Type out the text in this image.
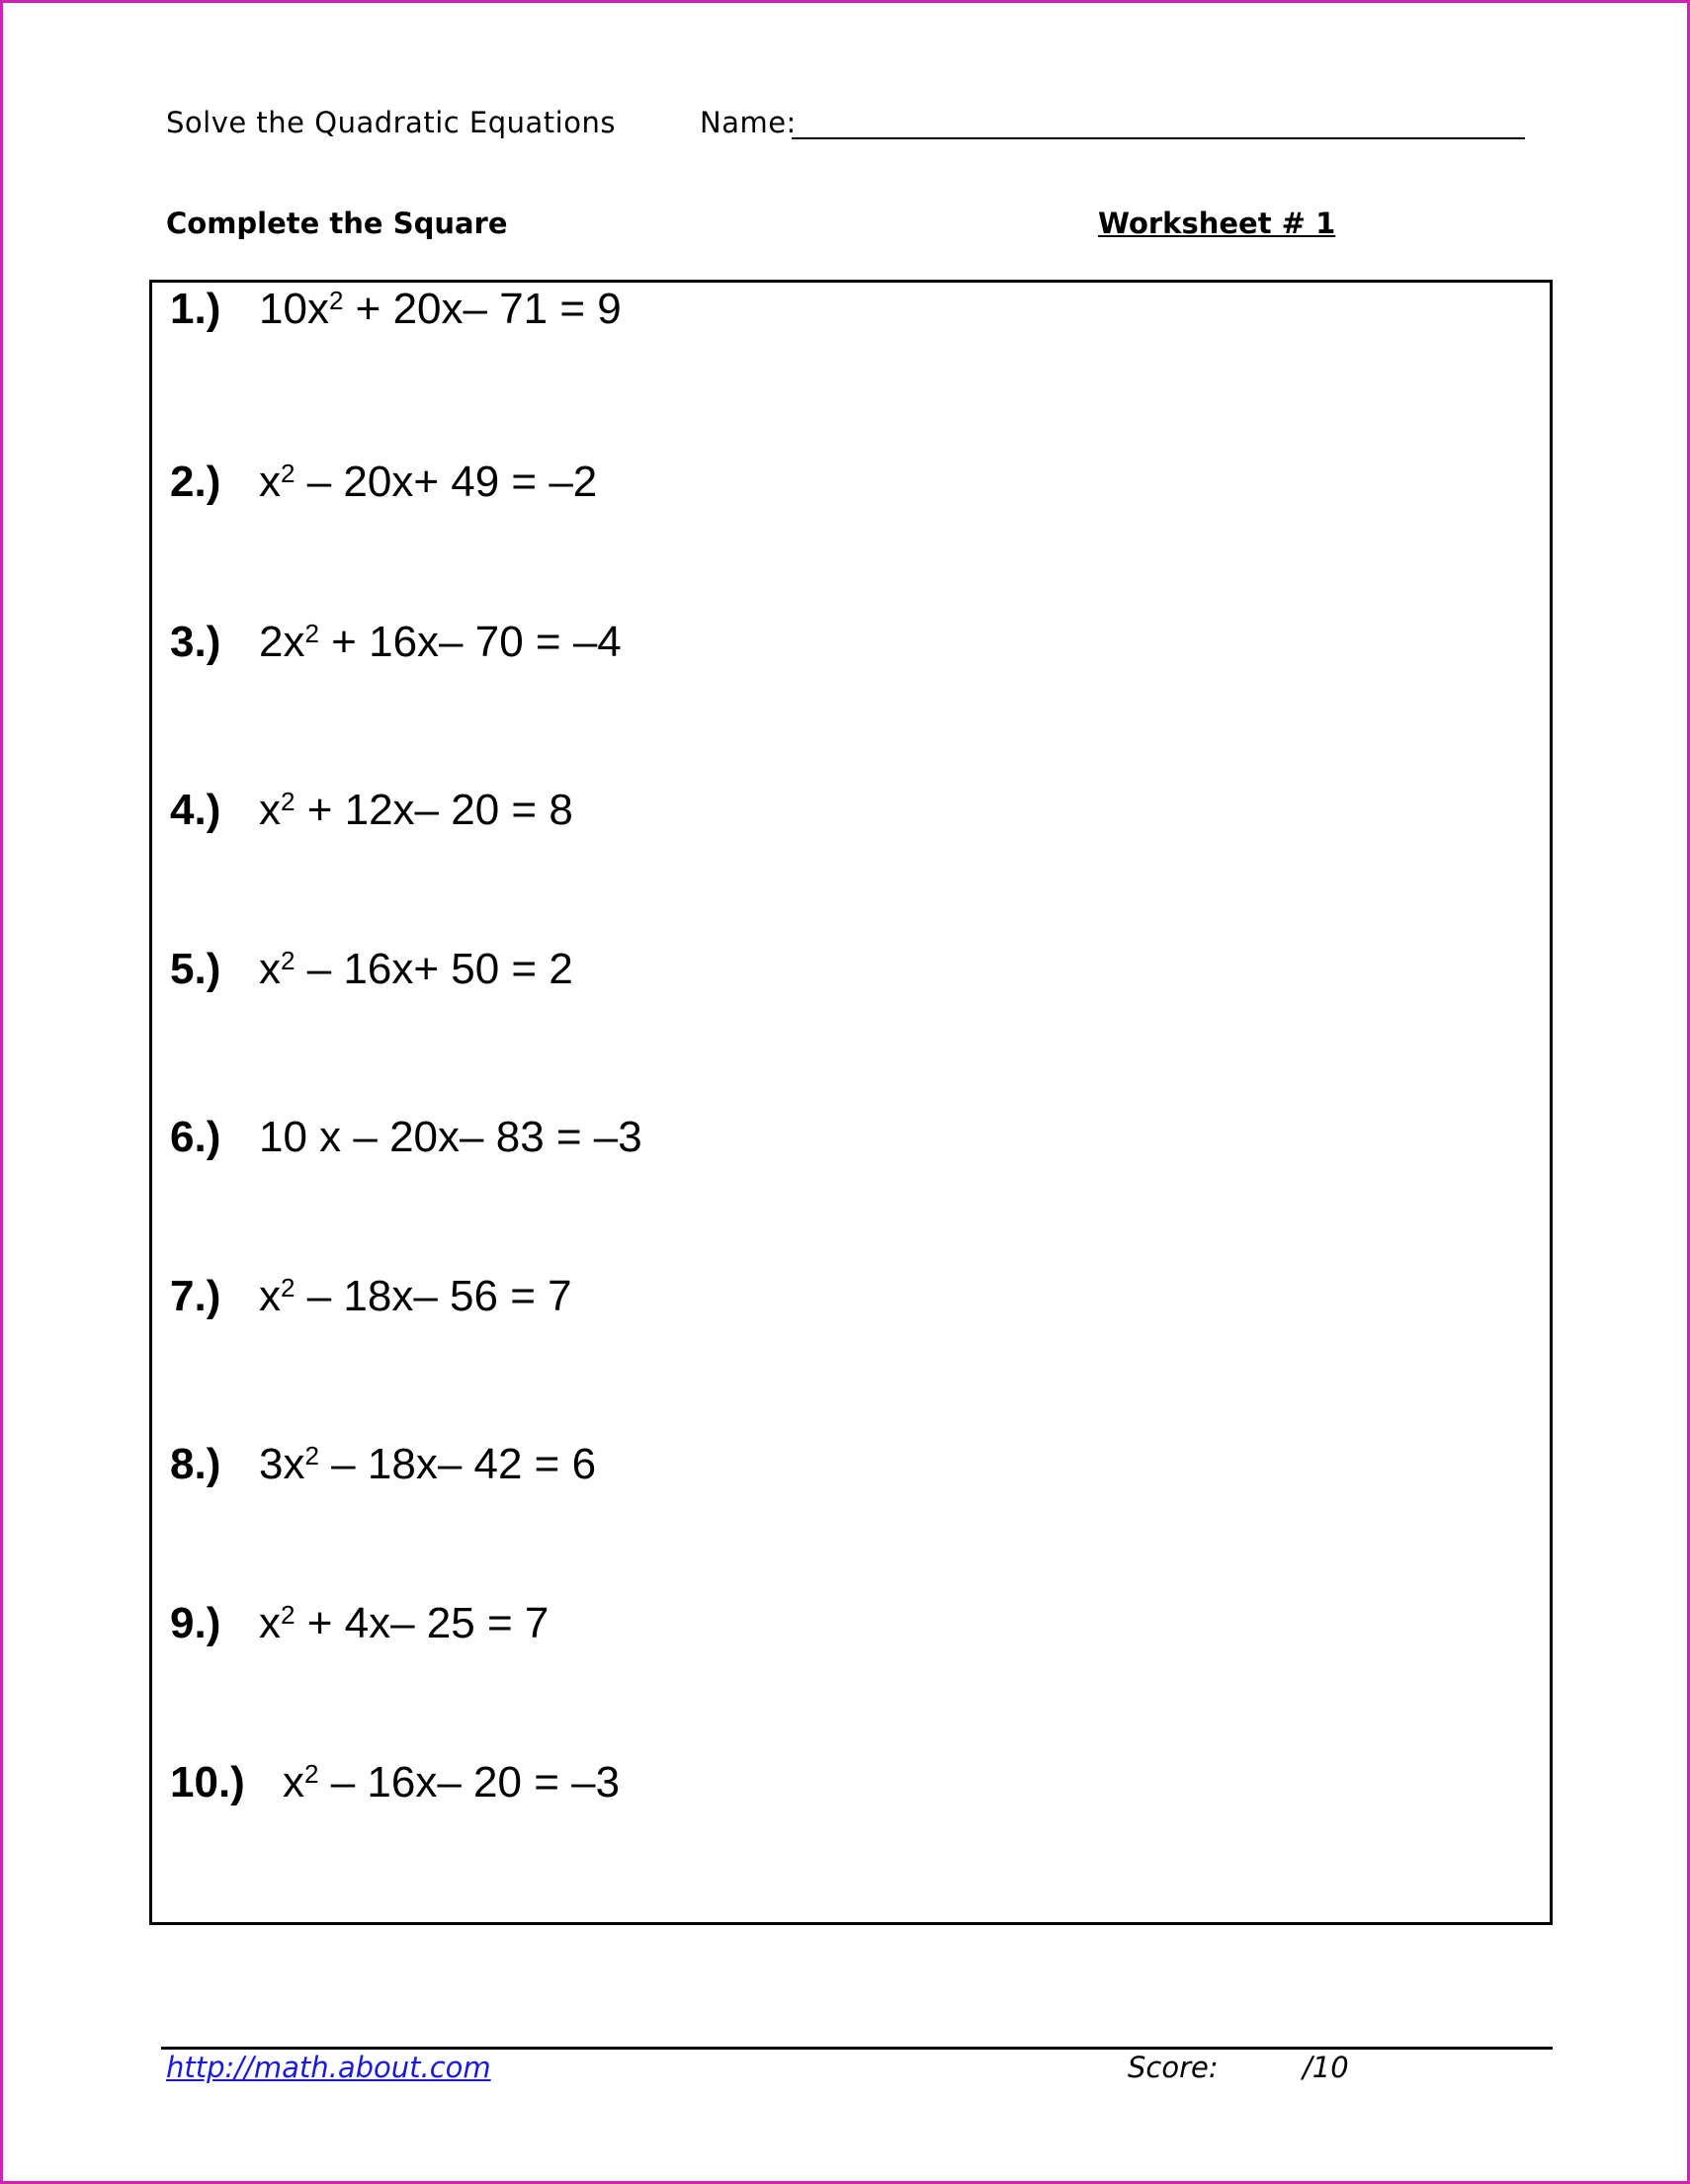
Solve the Quadratic Equations	Name:
Complete the Square	Worksheet # 1
1.) $10x^2 + 20x-$ 71 = 9
2.) $x^2 - 20x+ 49 = -2$
3.) $2x^2 + 16x-$ 70 = –4
4.) $x^2 + 12x-$ 20 = 8
5.) $x^2 - 16x+ 50 = 2$
6.) 10 x – 20x– 83 = –3
7.) $x^2 - 18x-$ 56 = 7
8.) $3x^2 - 18x-$ 42 = 6
9.) $x^2 + 4x-$ 25 = 7
10.) $x^2 - 16x-$ 20 = –3
http://math.about.com	Score:	/10
